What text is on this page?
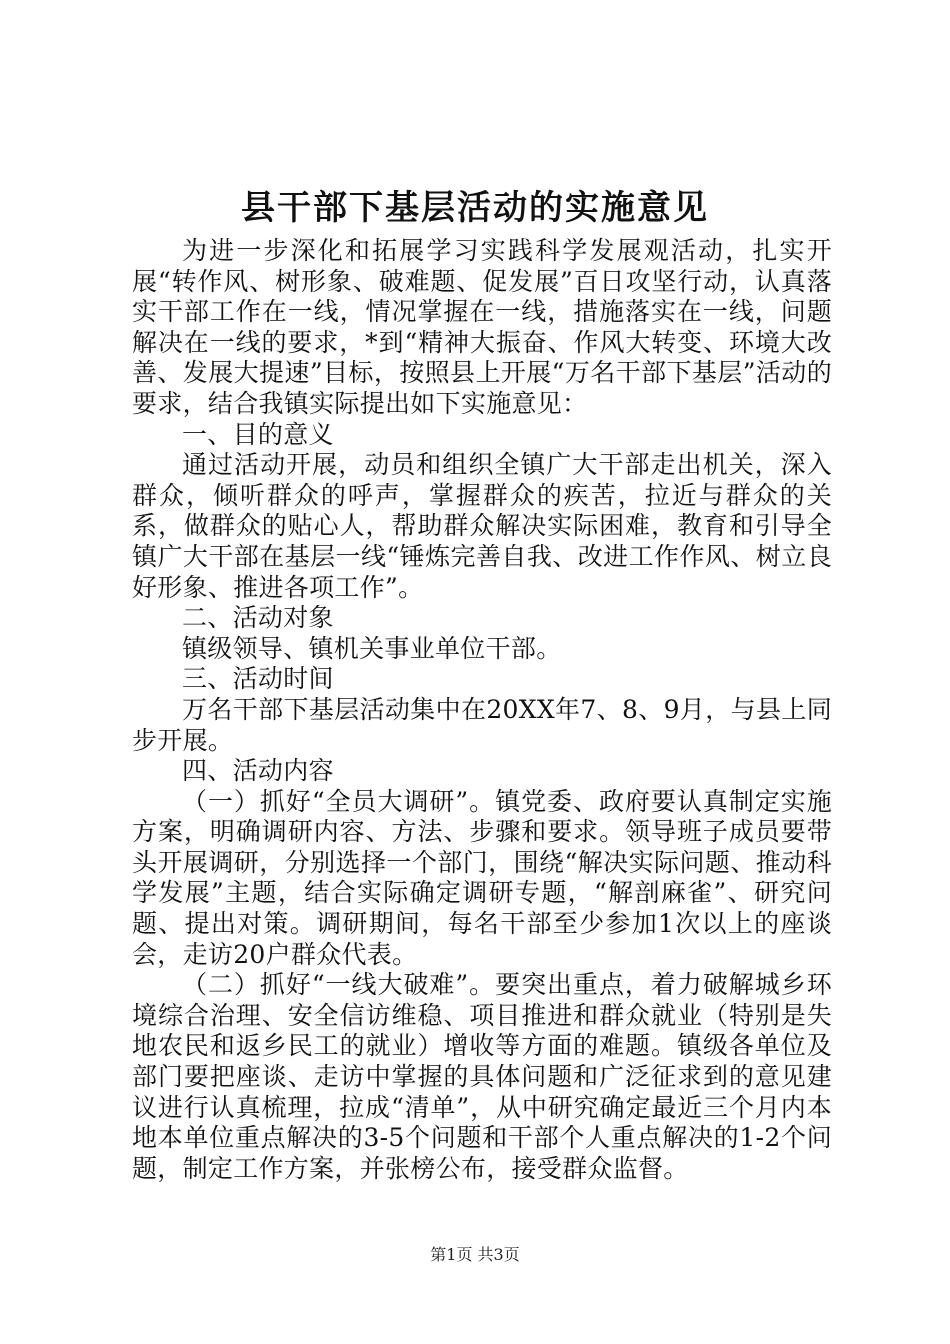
县干部下基层活动的实施意见

为进一步深化和拓展学习实践科学发展观活动，扎实开展“转作风、树形象、破难题、促发展”百日攻坚行动，认真落实干部工作在一线，情况掌握在一线，措施落实在一线，问题解决在一线的要求，*到“精神大振奋、作风大转变、环境大改善、发展大提速”目标，按照县上开展“万名干部下基层”活动的要求，结合我镇实际提出如下实施意见：

一、目的意义

通过活动开展，动员和组织全镇广大干部走出机关，深入群众，倾听群众的呼声，掌握群众的疾苦，拉近与群众的关系，做群众的贴心人，帮助群众解决实际困难，教育和引导全镇广大干部在基层一线“锤炼完善自我、改进工作作风、树立良好形象、推进各项工作”。

二、活动对象

镇级领导、镇机关事业单位干部。

三、活动时间

万名干部下基层活动集中在20XX年7、8、9月，与县上同步开展。

四、活动内容

（一）抓好“全员大调研”。镇党委、政府要认真制定实施方案，明确调研内容、方法、步骤和要求。领导班子成员要带头开展调研，分别选择一个部门，围绕“解决实际问题、推动科学发展”主题，结合实际确定调研专题，“解剖麻雀”、研究问题、提出对策。调研期间，每名干部至少参加1次以上的座谈会，走访20户群众代表。

（二）抓好“一线大破难”。要突出重点，着力破解城乡环境综合治理、安全信访维稳、项目推进和群众就业（特别是失地农民和返乡民工的就业）增收等方面的难题。镇级各单位及部门要把座谈、走访中掌握的具体问题和广泛征求到的意见建议进行认真梳理，拉成“清单”，从中研究确定最近三个月内本地本单位重点解决的3-5个问题和干部个人重点解决的1-2个问题，制定工作方案，并张榜公布，接受群众监督。

第1页 共3页
